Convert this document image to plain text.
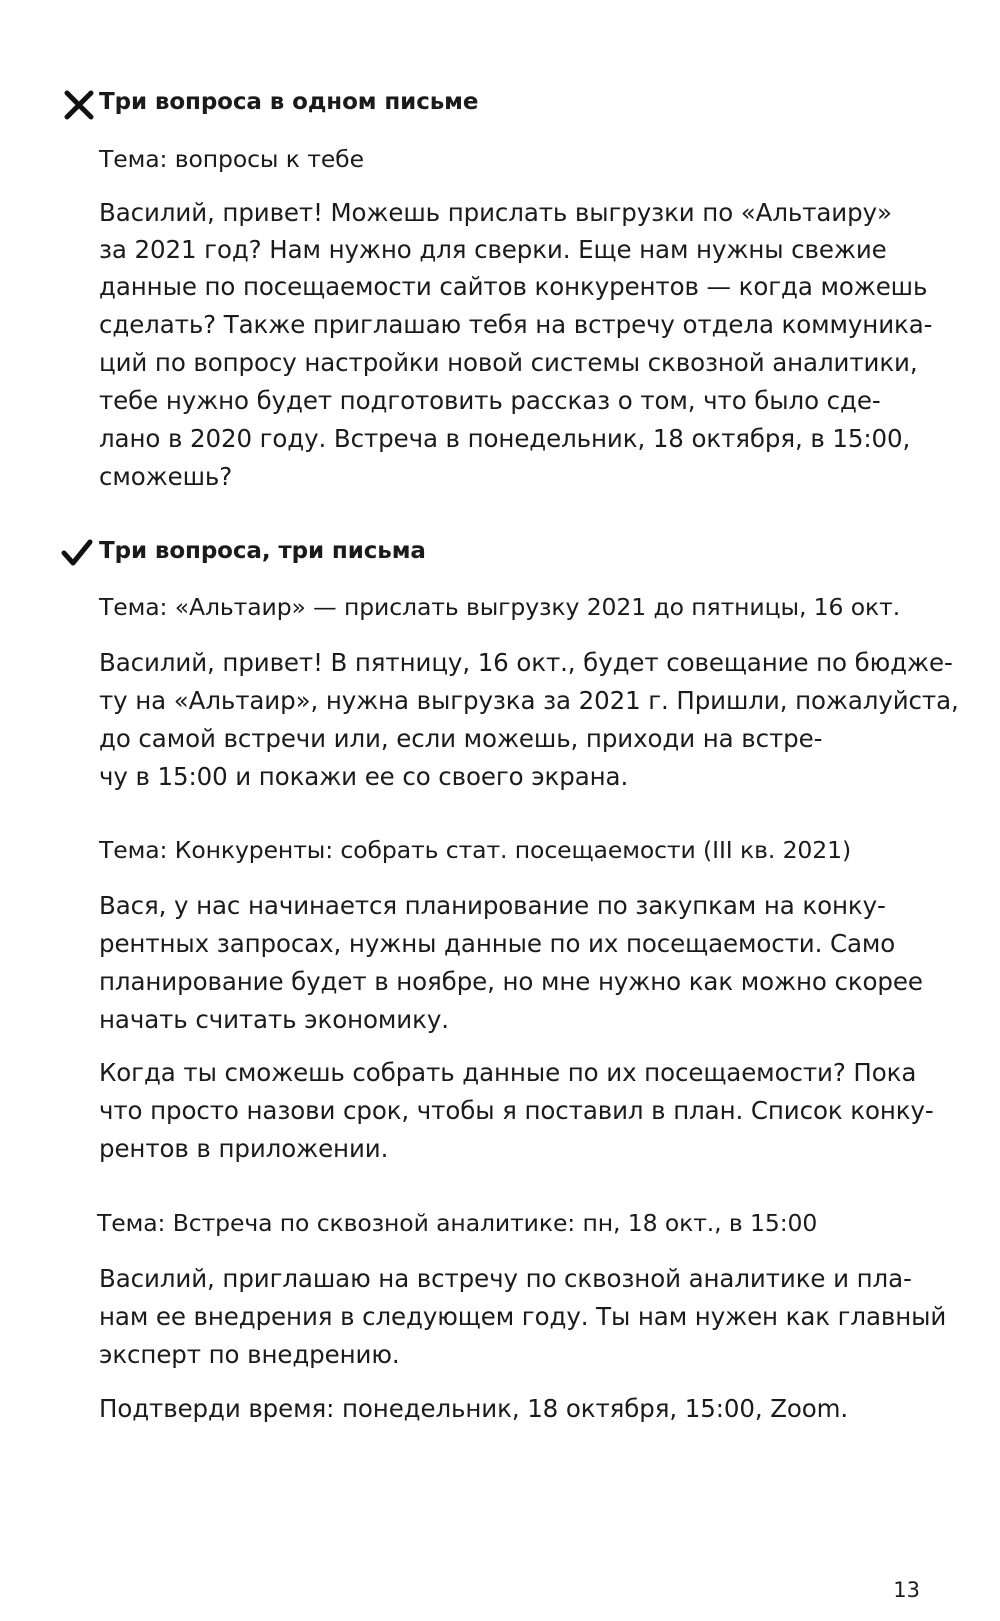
Три вопроса в одном письме
Тема: вопросы к тебе
Василий, привет! Можешь прислать выгрузки по «Альтаиру»
за 2021 год? Нам нужно для сверки. Еще нам нужны свежие
данные по посещаемости сайтов конкурентов — когда можешь
сделать? Также приглашаю тебя на встречу отдела коммуника-
ций по вопросу настройки новой системы сквозной аналитики,
тебе нужно будет подготовить рассказ о том, что было сде-
лано в 2020 году. Встреча в понедельник, 18 октября, в 15:00,
сможешь?
Три вопроса, три письма
Тема: «Альтаир» — прислать выгрузку 2021 до пятницы, 16 окт.
Василий, привет! В пятницу, 16 окт., будет совещание по бюдже-
ту на «Альтаир», нужна выгрузка за 2021 г. Пришли, пожалуйста,
до самой встречи или, если можешь, приходи на встре-
чу в 15:00 и покажи ее со своего экрана.
Тема: Конкуренты: собрать стат. посещаемости (III кв. 2021)
Вася, у нас начинается планирование по закупкам на конку-
рентных запросах, нужны данные по их посещаемости. Само
планирование будет в ноябре, но мне нужно как можно скорее
начать считать экономику.
Когда ты сможешь собрать данные по их посещаемости? Пока
что просто назови срок, чтобы я поставил в план. Список конку-
рентов в приложении.
Тема: Встреча по сквозной аналитике: пн, 18 окт., в 15:00
Василий, приглашаю на встречу по сквозной аналитике и пла-
нам ее внедрения в следующем году. Ты нам нужен как главный
эксперт по внедрению.
Подтверди время: понедельник, 18 октября, 15:00, Zoom.
13
